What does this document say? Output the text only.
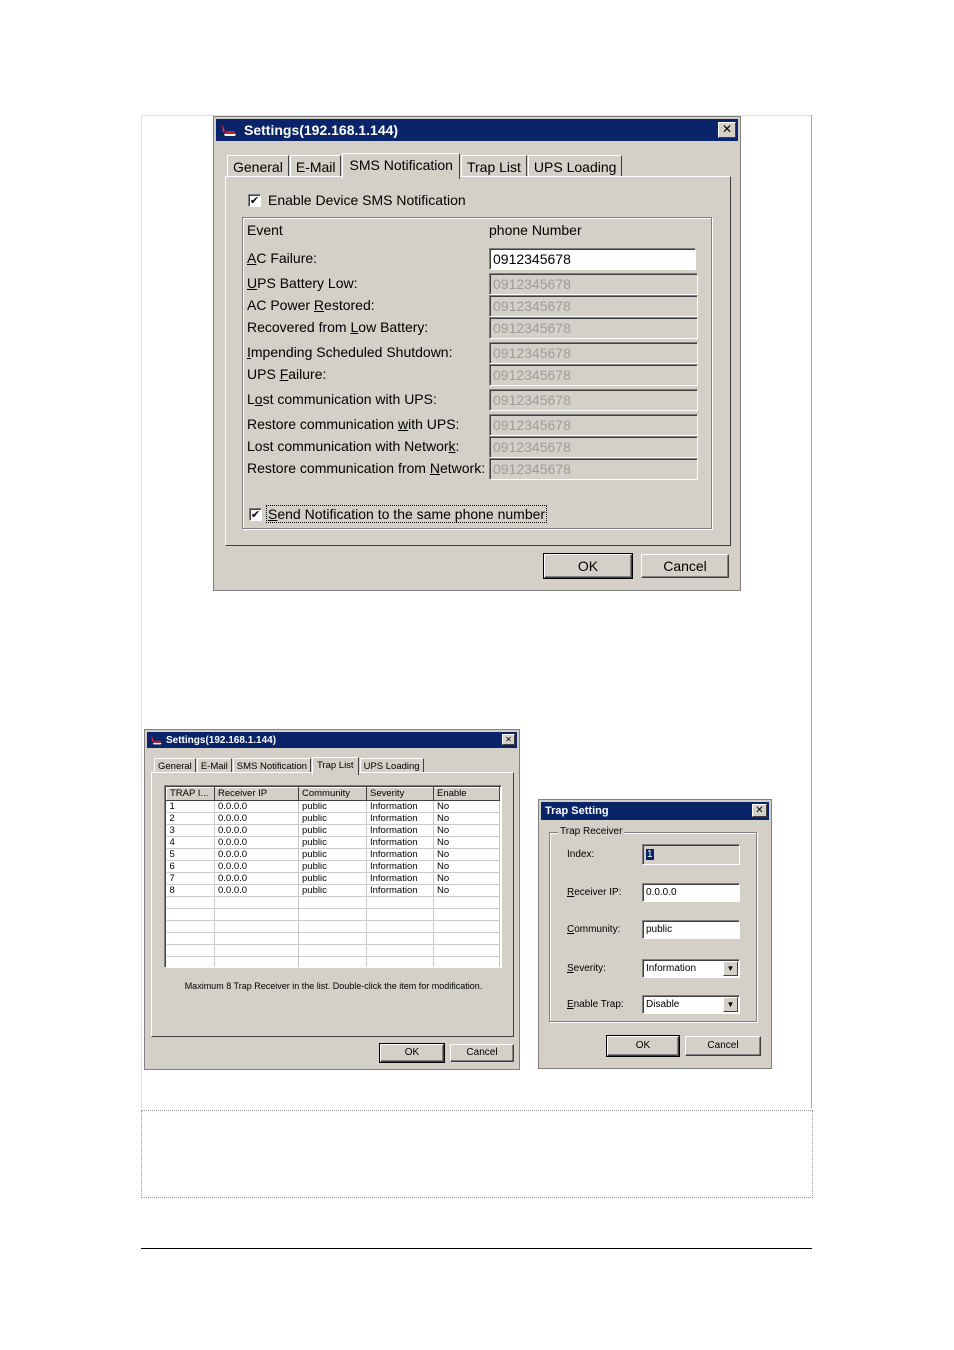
Settings(192.168.1.144)	✕
General E-Mail	SMS Notification	Trap List UPS Loading
✔ Enable Device SMS Notification
Event	phone Number
AC Failure:	0912345678
UPS Battery Low:	0912345678
AC Power Restored:	0912345678
Recovered from Low Battery:	0912345678
Impending Scheduled Shutdown:	0912345678
UPS Failure:	0912345678
Lost communication with UPS:	0912345678
Restore communication with UPS: 0912345678
Lost communication with Network: 0912345678
Restore communication from Network: 0912345678
✔ Send Notification to the same phone number
OK	Cancel
Settings(192.168.1.144)	✕
General E-Mail SMS Notification	Trap List	UPS Loading
TRAP I...	Receiver IP	Community	Severity	Enable
1	0.0.0.0	public	Information	No
2	0.0.0.0	public	Information	No
3	0.0.0.0	public	Information	No
4	0.0.0.0	public	Information	No
5	0.0.0.0	public	Information	No
6	0.0.0.0	public	Information	No
7	0.0.0.0	public	Information	No
8	0.0.0.0	public	Information	No

Maximum 8 Trap Receiver in the list. Double-click the item for modification.
OK	Cancel
Trap Setting	✕
Trap Receiver
Index:	1
Receiver IP:	0.0.0.0
Community:	public
Severity:	Information	▼
Enable Trap:	Disable	▼
OK	Cancel
